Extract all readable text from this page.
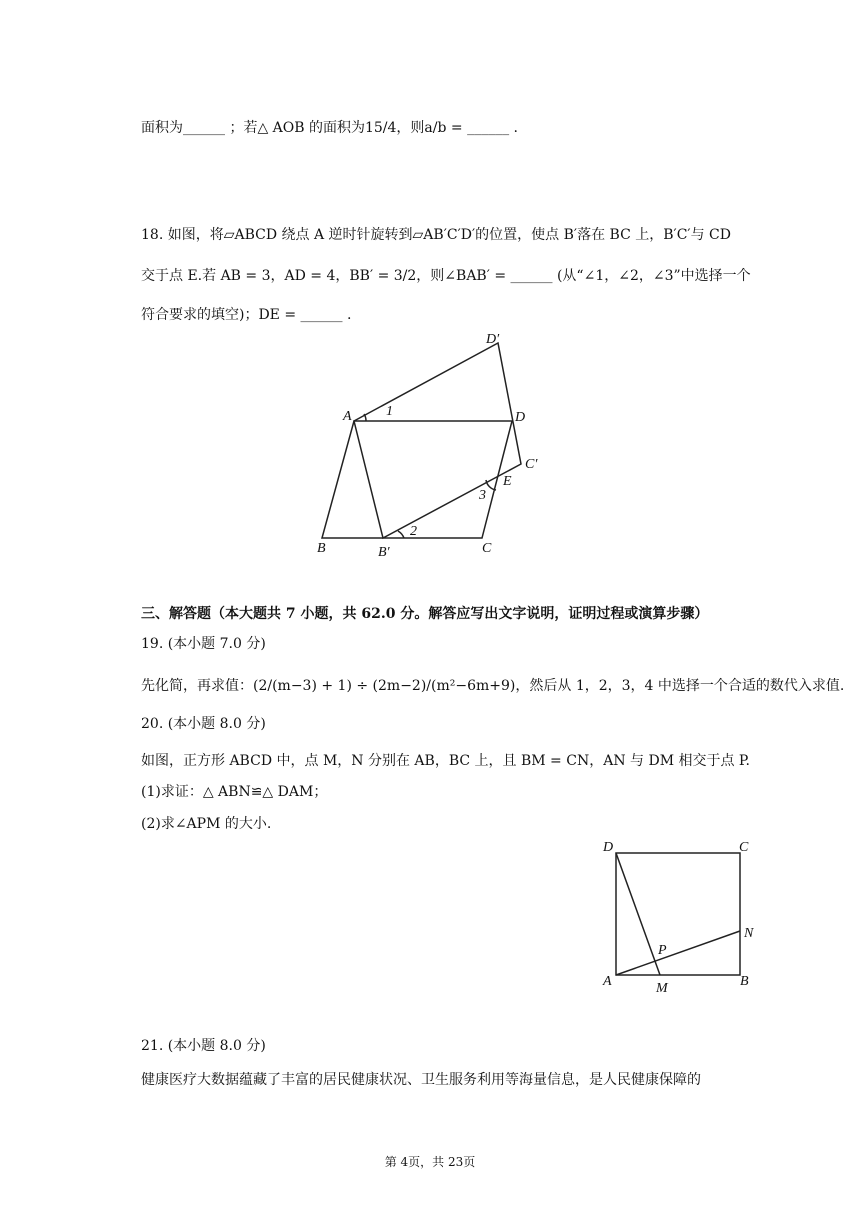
面积为______ ；若△ AOB 的面积为15/4，则a/b = ______ .
18. 如图，将▱ABCD 绕点 A 逆时针旋转到▱AB′C′D′的位置，使点 B′落在 BC 上，B′C′与 CD
交于点 E.若 AB = 3，AD = 4，BB′ = 3/2，则∠BAB′ = ______ (从“∠1，∠2，∠3”中选择一个
符合要求的填空)；DE = ______ .
A
B	C
D
B′
C′
D′
E
1
2
3
三、解答题（本大题共 7 小题，共 62.0 分。解答应写出文字说明，证明过程或演算步骤）
19. (本小题 7.0 分)
先化简，再求值：(2/(m−3) + 1) ÷ (2m−2)/(m²−6m+9)，然后从 1，2，3，4 中选择一个合适的数代入求值.
20. (本小题 8.0 分)
如图，正方形 ABCD 中，点 M，N 分别在 AB，BC 上，且 BM = CN，AN 与 DM 相交于点 P.
(1)求证：△ ABN≌△ DAM；
(2)求∠APM 的大小.
D	C
A	B
M
N
P
21. (本小题 8.0 分)
健康医疗大数据蕴藏了丰富的居民健康状况、卫生服务利用等海量信息，是人民健康保障的
第 4页，共 23页
